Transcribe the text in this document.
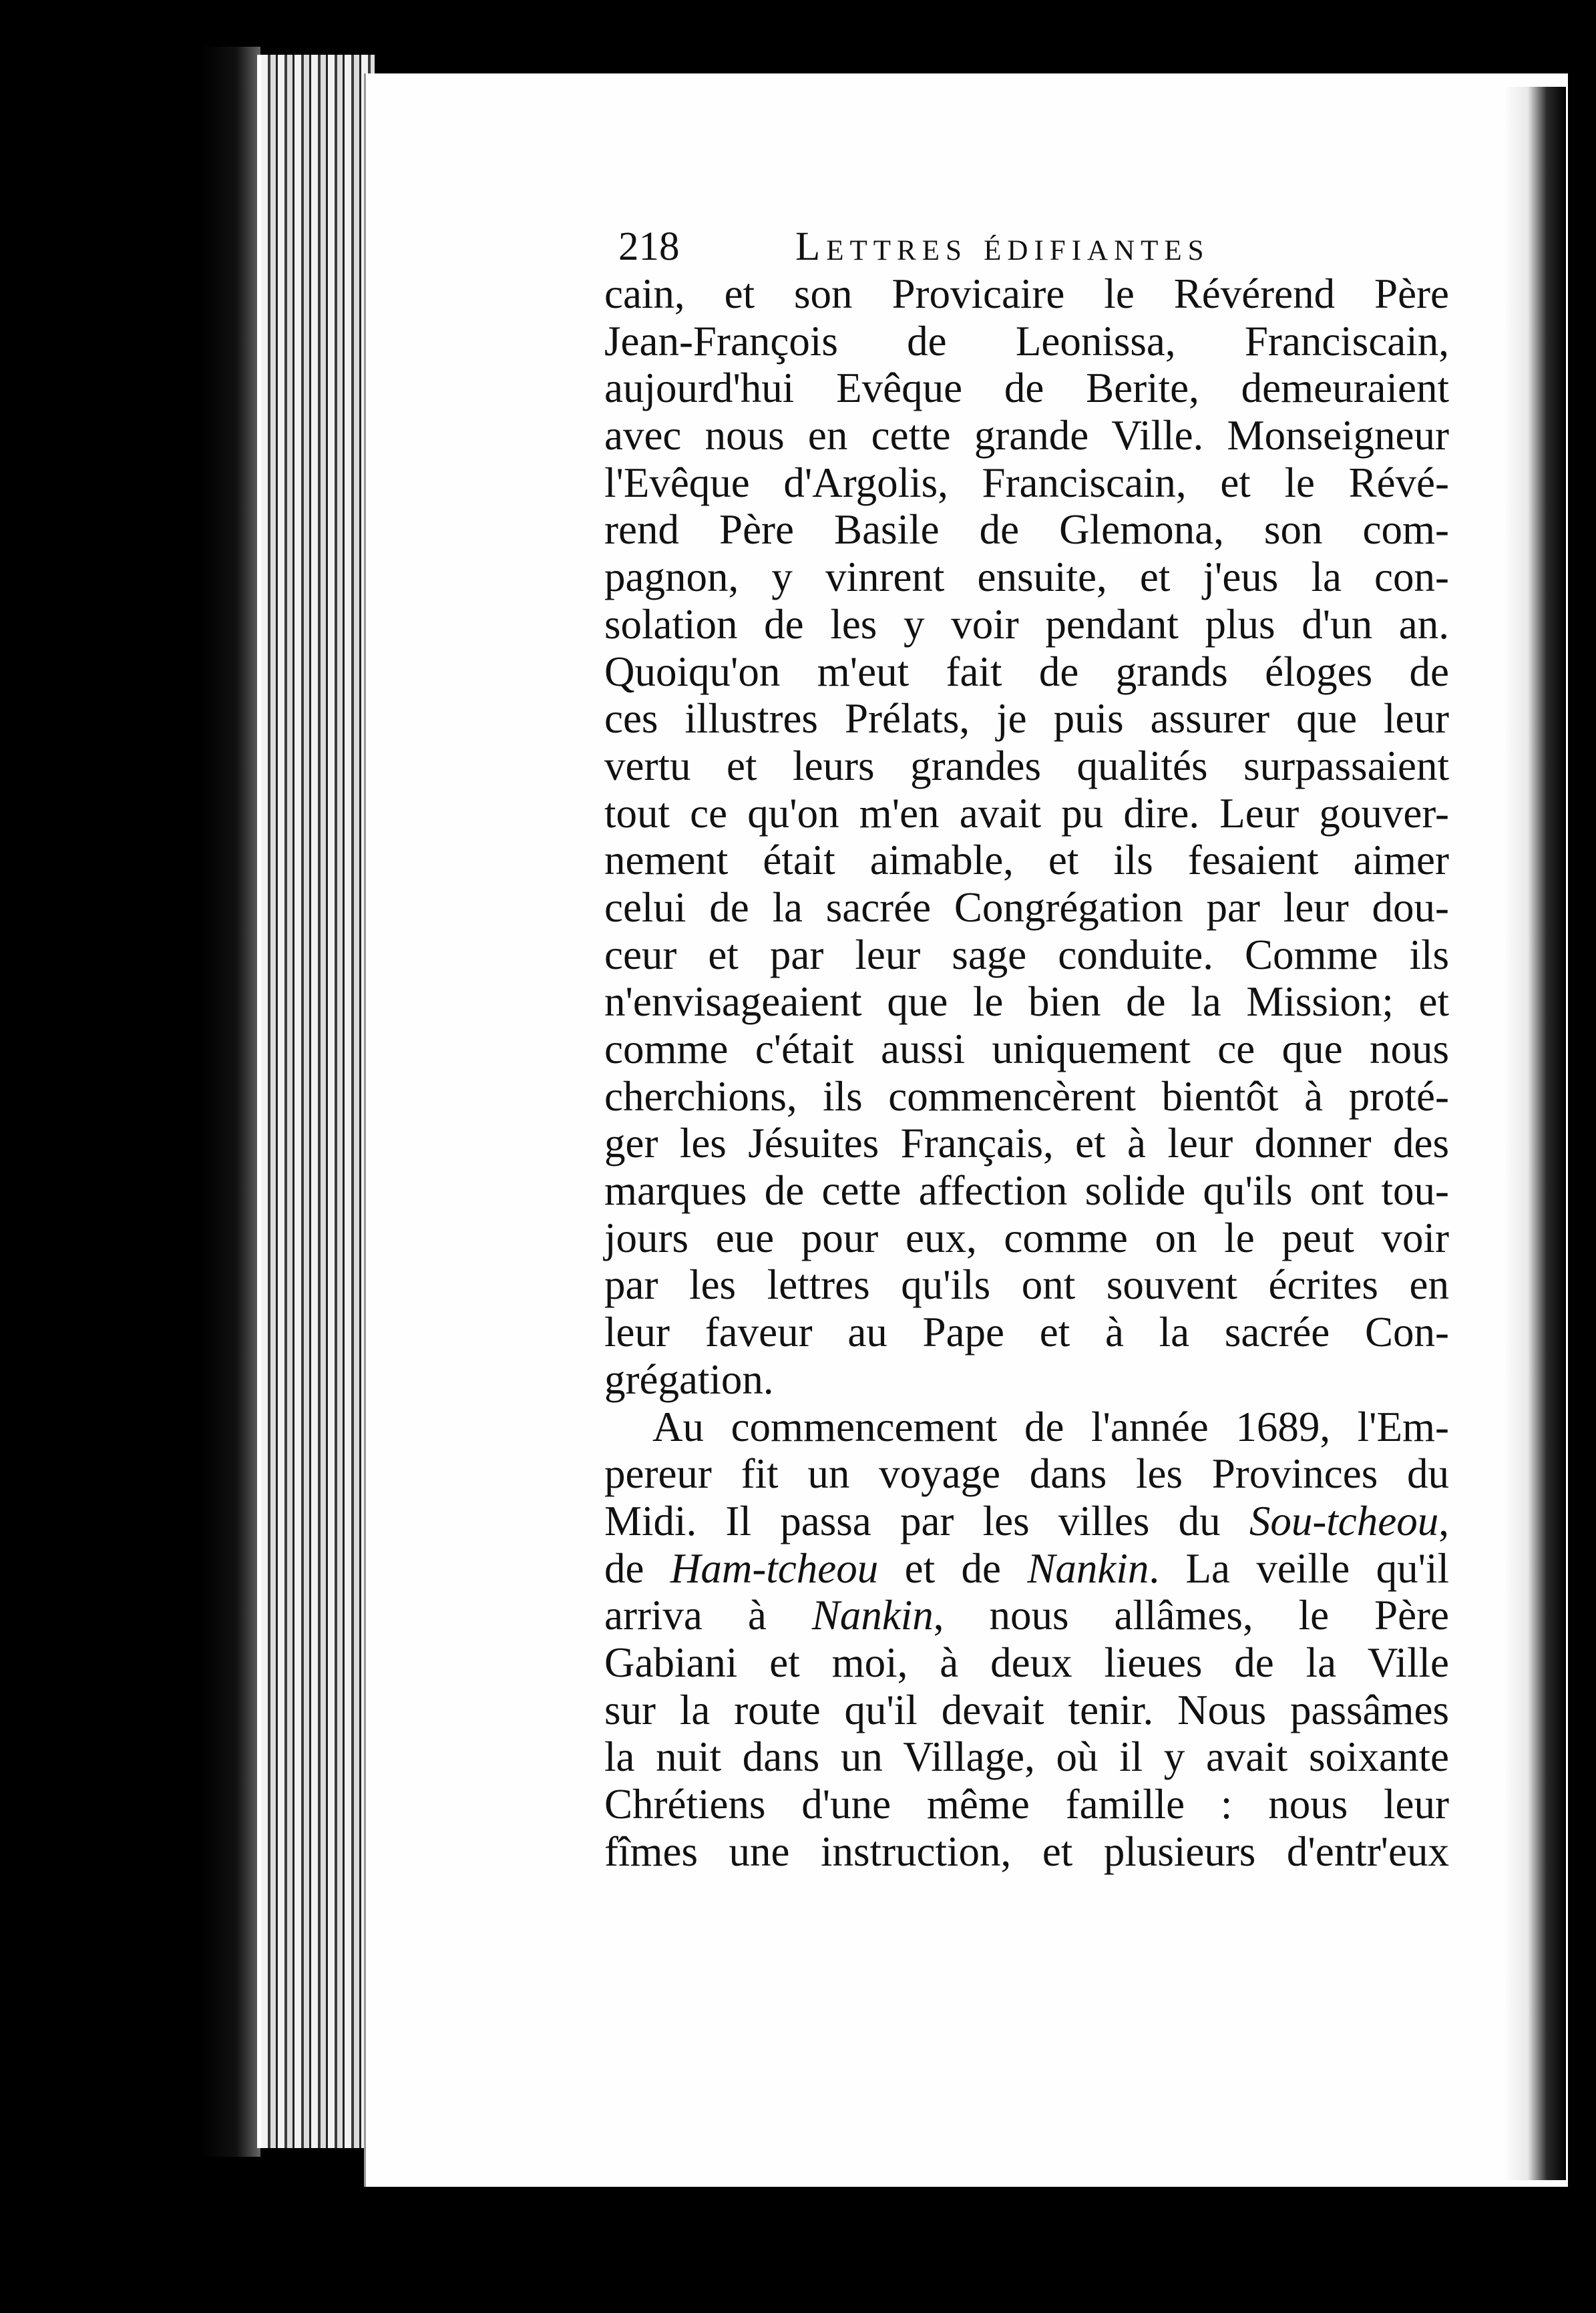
218	Lettres édifiantes
cain, et son Provicaire le Révérend Père
Jean-François de Leonissa, Franciscain,
aujourd'hui Evêque de Berite, demeuraient
avec nous en cette grande Ville. Monseigneur
l'Evêque d'Argolis, Franciscain, et le Révé-
rend Père Basile de Glemona, son com-
pagnon, y vinrent ensuite, et j'eus la con-
solation de les y voir pendant plus d'un an.
Quoiqu'on m'eut fait de grands éloges de
ces illustres Prélats, je puis assurer que leur
vertu et leurs grandes qualités surpassaient
tout ce qu'on m'en avait pu dire. Leur gouver-
nement était aimable, et ils fesaient aimer
celui de la sacrée Congrégation par leur dou-
ceur et par leur sage conduite. Comme ils
n'envisageaient que le bien de la Mission; et
comme c'était aussi uniquement ce que nous
cherchions, ils commencèrent bientôt à proté-
ger les Jésuites Français, et à leur donner des
marques de cette affection solide qu'ils ont tou-
jours eue pour eux, comme on le peut voir
par les lettres qu'ils ont souvent écrites en
leur faveur au Pape et à la sacrée Con-
grégation.
Au commencement de l'année 1689, l'Em-
pereur fit un voyage dans les Provinces du
Midi. Il passa par les villes du Sou-tcheou,
de Ham-tcheou et de Nankin. La veille qu'il
arriva à Nankin, nous allâmes, le Père
Gabiani et moi, à deux lieues de la Ville
sur la route qu'il devait tenir. Nous passâmes
la nuit dans un Village, où il y avait soixante
Chrétiens d'une même famille : nous leur
fîmes une instruction, et plusieurs d'entr'eux
